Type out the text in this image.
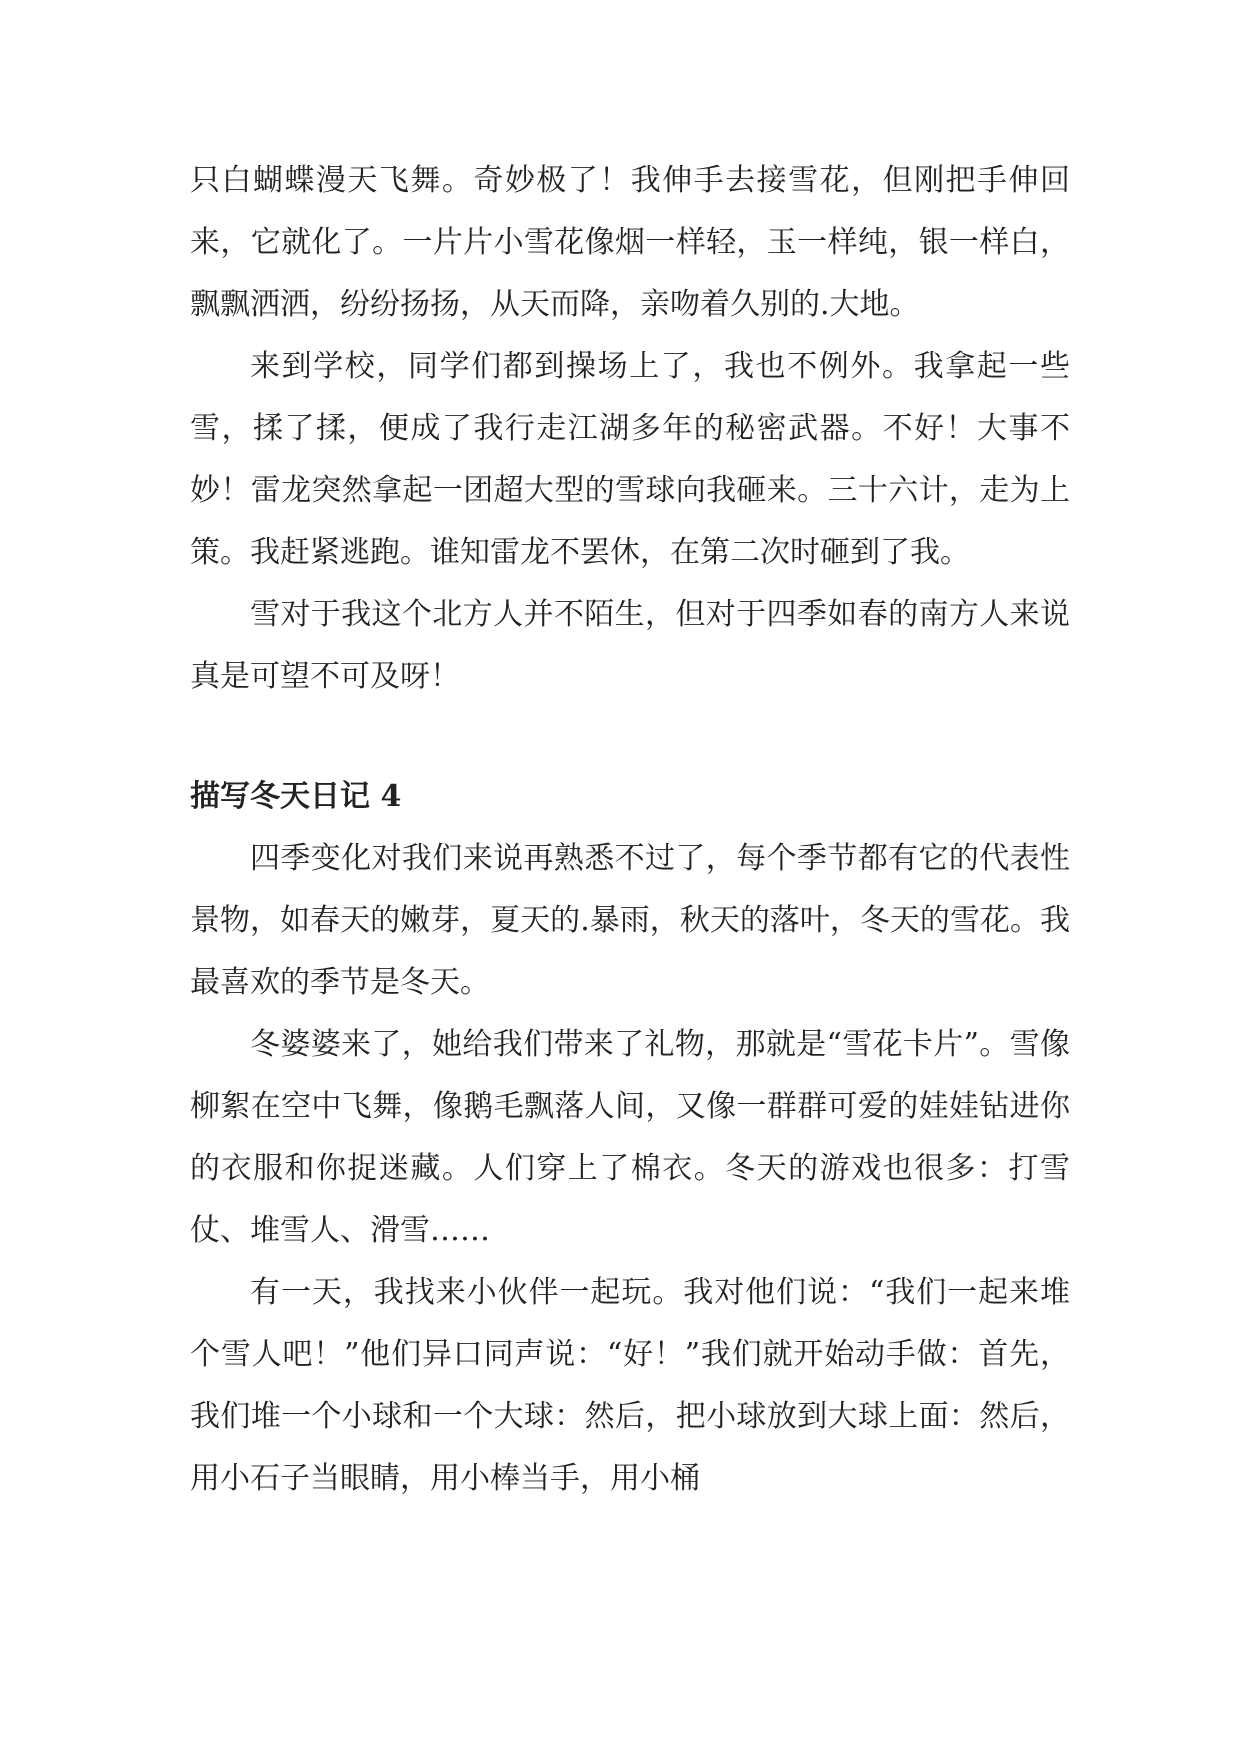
只白蝴蝶漫天飞舞。奇妙极了！我伸手去接雪花，但刚把手伸回来，它就化了。一片片小雪花像烟一样轻，玉一样纯，银一样白，飘飘洒洒，纷纷扬扬，从天而降，亲吻着久别的.大地。

来到学校，同学们都到操场上了，我也不例外。我拿起一些雪，揉了揉，便成了我行走江湖多年的秘密武器。不好！大事不妙！雷龙突然拿起一团超大型的雪球向我砸来。三十六计，走为上策。我赶紧逃跑。谁知雷龙不罢休，在第二次时砸到了我。

雪对于我这个北方人并不陌生，但对于四季如春的南方人来说真是可望不可及呀！

描写冬天日记 4

四季变化对我们来说再熟悉不过了，每个季节都有它的代表性景物，如春天的嫩芽，夏天的.暴雨，秋天的落叶，冬天的雪花。我最喜欢的季节是冬天。

冬婆婆来了，她给我们带来了礼物，那就是“雪花卡片”。雪像柳絮在空中飞舞，像鹅毛飘落人间，又像一群群可爱的娃娃钻进你的衣服和你捉迷藏。人们穿上了棉衣。冬天的游戏也很多：打雪仗、堆雪人、滑雪……

有一天，我找来小伙伴一起玩。我对他们说：“我们一起来堆个雪人吧！”他们异口同声说：“好！”我们就开始动手做：首先，我们堆一个小球和一个大球：然后，把小球放到大球上面：然后，用小石子当眼睛，用小棒当手，用小桶
